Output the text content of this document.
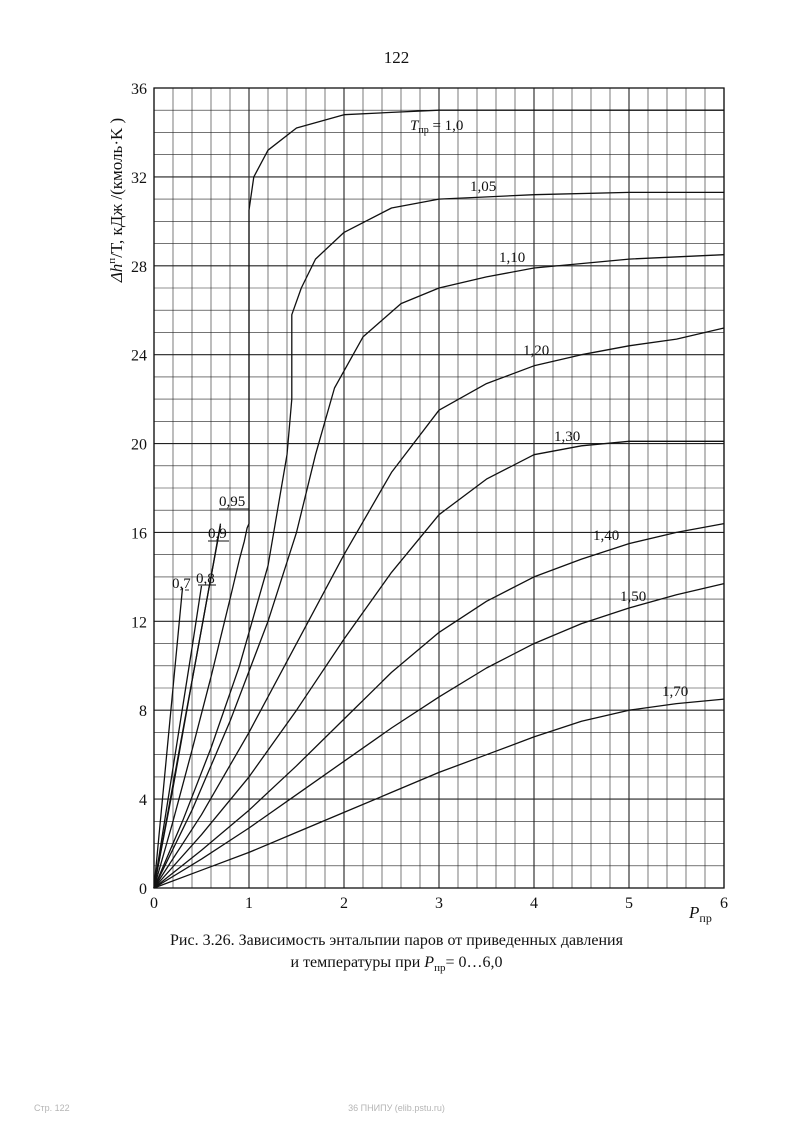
122
0	1	2	3	4	5	6
0
4
8
12
16
20
24
28
32
36
$P_{пр}$
$\Delta h^п/T$, кДж /(кмоль·K )
0,7 0,8
0,9
0,95
$T_{пр} = 1,0$
1,05
1,10
1,20
1,30
1,40
1,50
1,70
Рис. 3.26. Зависимость энтальпии паров от приведенных давления
и температуры при $P_{пр}=$ 0…6,0
Стр. 122	36 ПНИПУ (elib.pstu.ru)
